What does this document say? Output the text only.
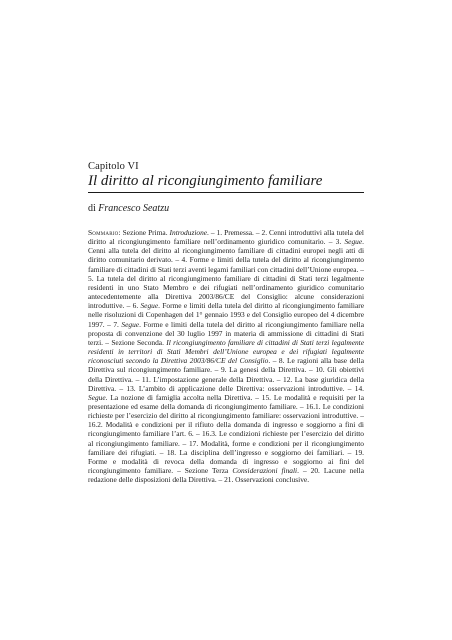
Capitolo VI
Il diritto al ricongiungimento familiare
di Francesco Seatzu
Sommario: Sezione Prima. Introduzione. – 1. Premessa. – 2. Cenni introduttivi alla tutela del diritto al ricongiungimento familiare nell’ordinamento giuridico comunitario. – 3. Segue. Cenni alla tutela del diritto al ricongiungimento familiare di cittadini europei negli atti di diritto comunitario derivato. – 4. Forme e limiti della tutela del diritto al ricongiungimento familiare di cittadini di Stati terzi aventi legami familiari con cittadini dell’Unione europea. – 5. La tutela del diritto al ricongiungimento familiare di cittadini di Stati terzi legalmente residenti in uno Stato Membro e dei rifugiati nell’ordinamento giuridico comunitario antecedentemente alla Direttiva 2003/86/CE del Consiglio: alcune considerazioni introduttive. – 6. Segue. Forme e limiti della tutela del diritto al ricongiungimento familiare nelle risoluzioni di Copenhagen del 1° gennaio 1993 e del Consiglio europeo del 4 dicembre 1997. – 7. Segue. Forme e limiti della tutela del diritto al ricongiungimento familiare nella proposta di convenzione del 30 luglio 1997 in materia di ammissione di cittadini di Stati terzi. – Sezione Seconda. Il ricongiungimento familiare di cittadini di Stati terzi legalmente residenti in territori di Stati Membri dell’Unione europea e dei rifugiati legalmente riconosciuti secondo la Direttiva 2003/86/CE del Consiglio. – 8. Le ragioni alla base della Direttiva sul ricongiungimento familiare. – 9. La genesi della Direttiva. – 10. Gli obiettivi della Direttiva. – 11. L’impostazione generale della Direttiva. – 12. La base giuridica della Direttiva. – 13. L’ambito di applicazione delle Direttiva: osservazioni introduttive. – 14. Segue. La nozione di famiglia accolta nella Direttiva. – 15. Le modalità e requisiti per la presentazione ed esame della domanda di ricongiungimento familiare. – 16.1. Le condizioni richieste per l’esercizio del diritto al ricongiungimento familiare: osservazioni introduttive. – 16.2. Modalità e condizioni per il rifiuto della domanda di ingresso e soggiorno a fini di ricongiungimento familiare l’art. 6. – 16.3. Le condizioni richieste per l’esercizio del diritto al ricongiungimento familiare. – 17. Modalità, forme e condizioni per il ricongiungimento familiare dei rifugiati. – 18. La disciplina dell’ingresso e soggiorno dei familiari. – 19. Forme e modalità di revoca della domanda di ingresso e soggiorno ai fini del ricongiungimento familiare. – Sezione Terza Considerazioni finali. – 20. Lacune nella redazione delle disposizioni della Direttiva. – 21. Osservazioni conclusive.
